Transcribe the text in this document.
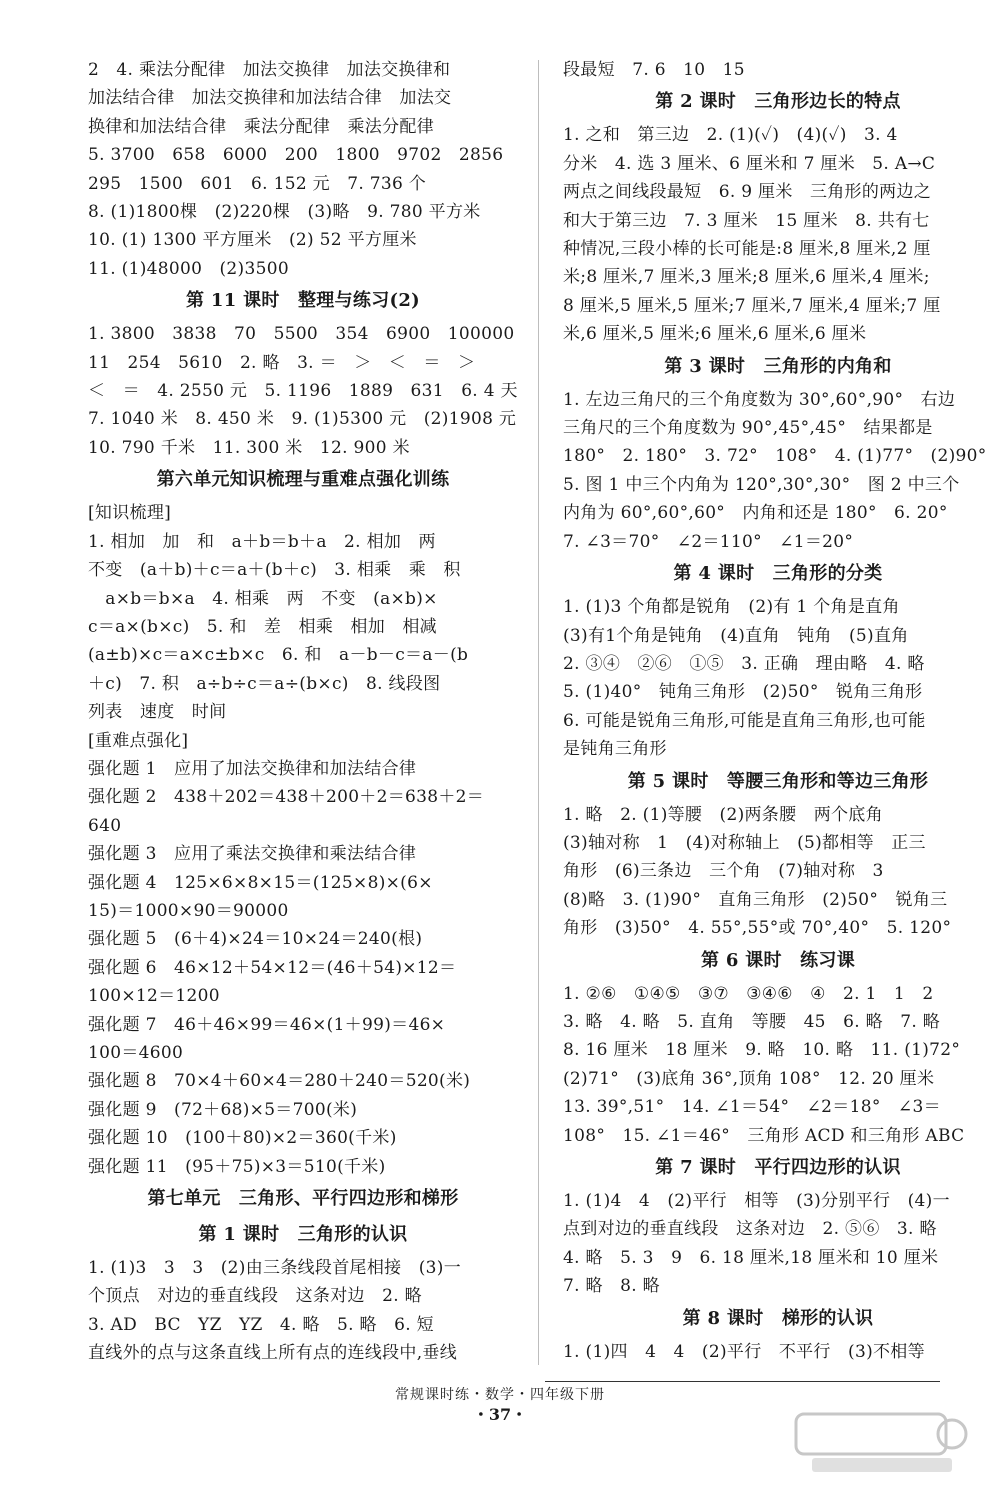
2　4. 乘法分配律　加法交换律　加法交换律和
加法结合律　加法交换律和加法结合律　加法交
换律和加法结合律　乘法分配律　乘法分配律
5. 3700　658　6000　200　1800　9702　2856
295　1500　601　6. 152 元　7. 736 个
8. (1)1800棵　(2)220棵　(3)略　9. 780 平方米
10. (1) 1300 平方厘米　(2) 52 平方厘米
11. (1)48000　(2)3500
第 11 课时　整理与练习(2)
1. 3800　3838　70　5500　354　6900　100000
11　254　5610　2. 略　3. ＝　＞　＜　＝　＞
＜　＝　4. 2550 元　5. 1196　1889　631　6. 4 天
7. 1040 米　8. 450 米　9. (1)5300 元　(2)1908 元
10. 790 千米　11. 300 米　12. 900 米
第六单元知识梳理与重难点强化训练
[知识梳理]
1. 相加　加　和　a＋b＝b＋a　2. 相加　两
不变　(a＋b)＋c＝a＋(b＋c)　3. 相乘　乘　积
　a×b＝b×a　4. 相乘　两　不变　(a×b)×
c＝a×(b×c)　5. 和　差　相乘　相加　相减
(a±b)×c＝a×c±b×c　6. 和　a－b－c＝a－(b
＋c)　7. 积　a÷b÷c＝a÷(b×c)　8. 线段图
列表　速度　时间
[重难点强化]
强化题 1　应用了加法交换律和加法结合律
强化题 2　438＋202＝438＋200＋2＝638＋2＝
640
强化题 3　应用了乘法交换律和乘法结合律
强化题 4　125×6×8×15＝(125×8)×(6×
15)＝1000×90＝90000
强化题 5　(6＋4)×24＝10×24＝240(根)
强化题 6　46×12＋54×12＝(46＋54)×12＝
100×12＝1200
强化题 7　46＋46×99＝46×(1＋99)＝46×
100＝4600
强化题 8　70×4＋60×4＝280＋240＝520(米)
强化题 9　(72＋68)×5＝700(米)
强化题 10　(100＋80)×2＝360(千米)
强化题 11　(95＋75)×3＝510(千米)
第七单元　三角形、平行四边形和梯形
第 1 课时　三角形的认识
1. (1)3　3　3　(2)由三条线段首尾相接　(3)一
个顶点　对边的垂直线段　这条对边　2. 略
3. AD　BC　YZ　YZ　4. 略　5. 略　6. 短
直线外的点与这条直线上所有点的连线段中,垂线
段最短　7. 6　10　15
第 2 课时　三角形边长的特点
1. 之和　第三边　2. (1)(✓)　(4)(✓)　3. 4
分米　4. 选 3 厘米、6 厘米和 7 厘米　5. A→C
两点之间线段最短　6. 9 厘米　三角形的两边之
和大于第三边　7. 3 厘米　15 厘米　8. 共有七
种情况,三段小棒的长可能是:8 厘米,8 厘米,2 厘
米;8 厘米,7 厘米,3 厘米;8 厘米,6 厘米,4 厘米;
8 厘米,5 厘米,5 厘米;7 厘米,7 厘米,4 厘米;7 厘
米,6 厘米,5 厘米;6 厘米,6 厘米,6 厘米
第 3 课时　三角形的内角和
1. 左边三角尺的三个角度数为 30°,60°,90°　右边
三角尺的三个角度数为 90°,45°,45°　结果都是
180°　2. 180°　3. 72°　108°　4. (1)77°　(2)90°
5. 图 1 中三个内角为 120°,30°,30°　图 2 中三个
内角为 60°,60°,60°　内角和还是 180°　6. 20°
7. ∠3＝70°　∠2＝110°　∠1＝20°
第 4 课时　三角形的分类
1. (1)3 个角都是锐角　(2)有 1 个角是直角
(3)有1个角是钝角　(4)直角　钝角　(5)直角
2. ③④　②⑥　①⑤　3. 正确　理由略　4. 略
5. (1)40°　钝角三角形　(2)50°　锐角三角形
6. 可能是锐角三角形,可能是直角三角形,也可能
是钝角三角形
第 5 课时　等腰三角形和等边三角形
1. 略　2. (1)等腰　(2)两条腰　两个底角
(3)轴对称　1　(4)对称轴上　(5)都相等　正三
角形　(6)三条边　三个角　(7)轴对称　3
(8)略　3. (1)90°　直角三角形　(2)50°　锐角三
角形　(3)50°　4. 55°,55°或 70°,40°　5. 120°
第 6 课时　练习课
1. ②⑥　①④⑤　③⑦　③④⑥　④　2. 1　1　2
3. 略　4. 略　5. 直角　等腰　45　6. 略　7. 略
8. 16 厘米　18 厘米　9. 略　10. 略　11. (1)72°
(2)71°　(3)底角 36°,顶角 108°　12. 20 厘米
13. 39°,51°　14. ∠1＝54°　∠2＝18°　∠3＝
108°　15. ∠1＝46°　三角形 ACD 和三角形 ABC
第 7 课时　平行四边形的认识
1. (1)4　4　(2)平行　相等　(3)分别平行　(4)一
点到对边的垂直线段　这条对边　2. ⑤⑥　3. 略
4. 略　5. 3　9　6. 18 厘米,18 厘米和 10 厘米
7. 略　8. 略
第 8 课时　梯形的认识
1. (1)四　4　4　(2)平行　不平行　(3)不相等
常规课时练・数学・四年级下册
・37・
